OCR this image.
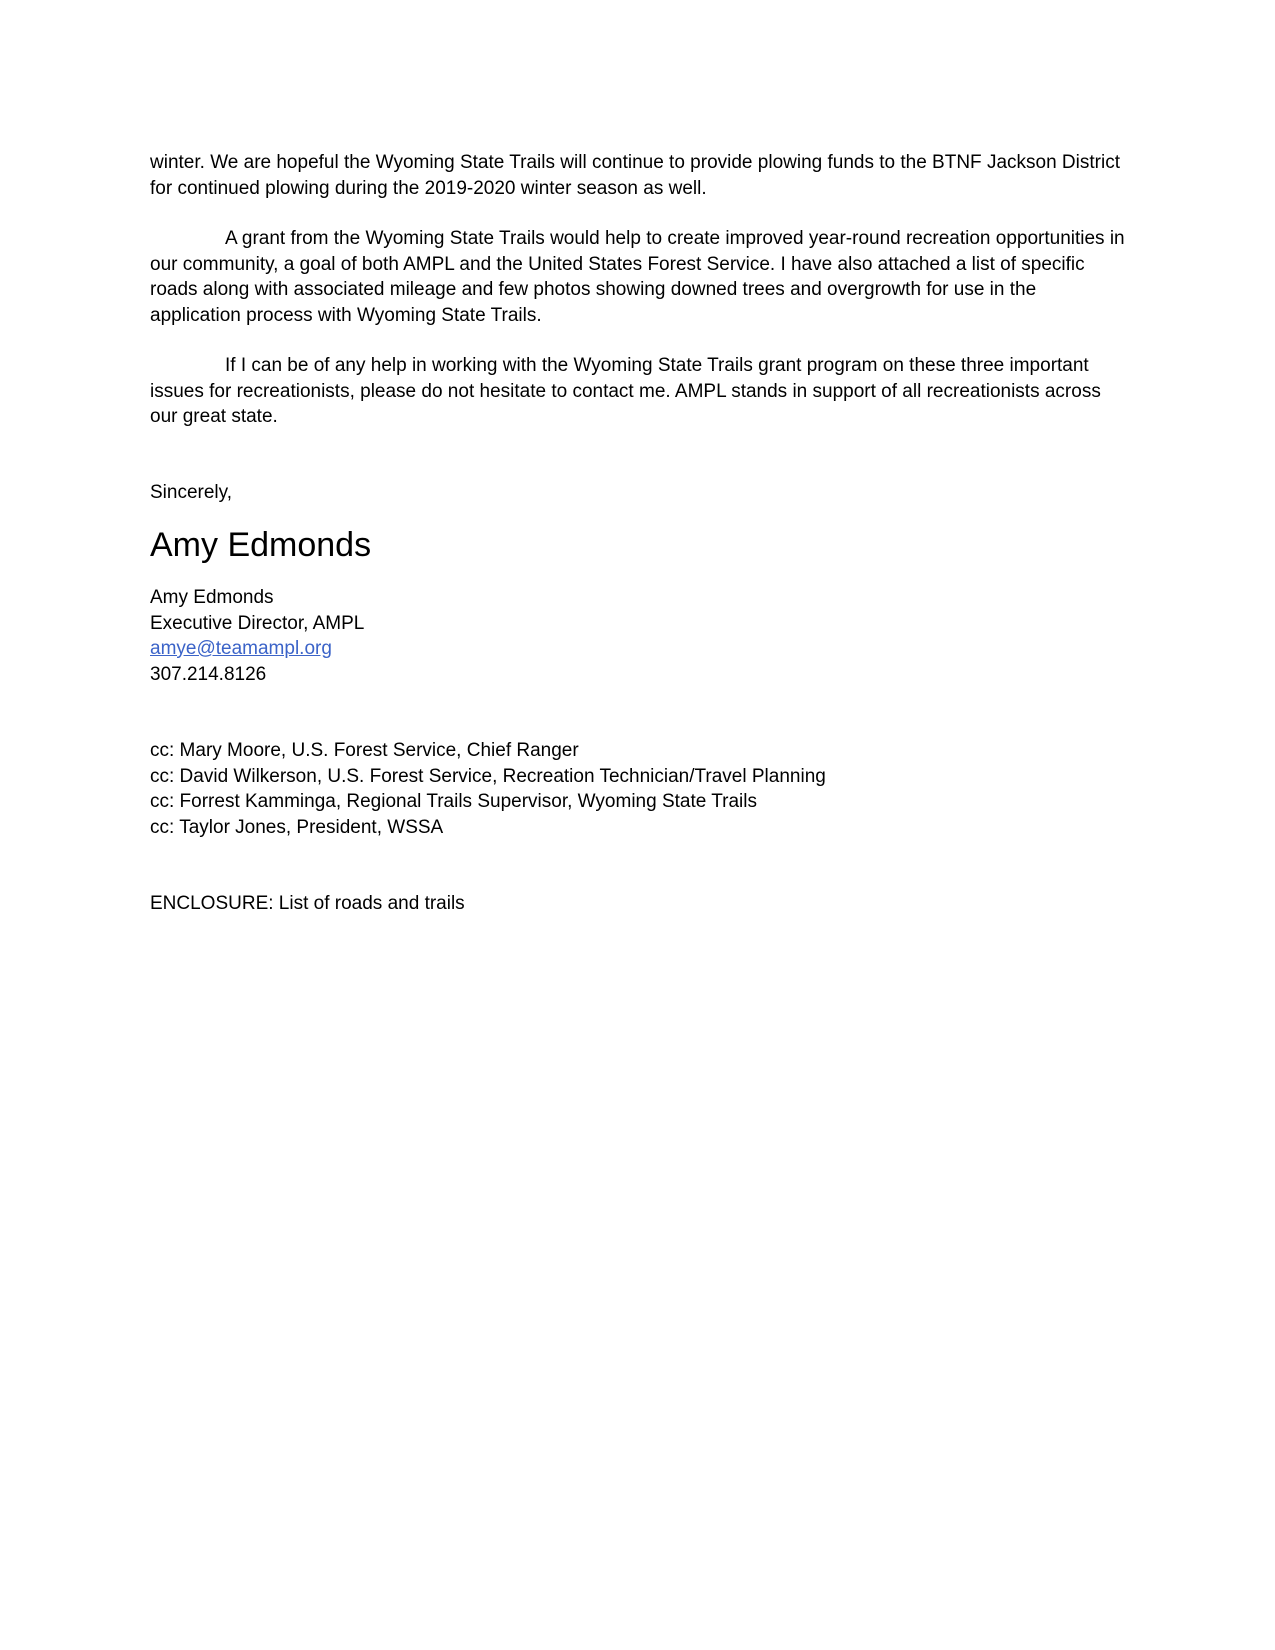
winter. We are hopeful the Wyoming State Trails will continue to provide plowing funds to the BTNF Jackson District for continued plowing during the 2019-2020 winter season as well.

A grant from the Wyoming State Trails would help to create improved year-round recreation opportunities in our community, a goal of both AMPL and the United States Forest Service. I have also attached a list of specific roads along with associated mileage and few photos showing downed trees and overgrowth for use in the application process with Wyoming State Trails.

If I can be of any help in working with the Wyoming State Trails grant program on these three important issues for recreationists, please do not hesitate to contact me. AMPL stands in support of all recreationists across our great state.

Sincerely,
Amy Edmonds
Amy Edmonds
Executive Director, AMPL
amye@teamampl.org
307.214.8126
cc: Mary Moore, U.S. Forest Service, Chief Ranger
cc: David Wilkerson, U.S. Forest Service, Recreation Technician/Travel Planning
cc: Forrest Kamminga, Regional Trails Supervisor, Wyoming State Trails
cc: Taylor Jones, President, WSSA
ENCLOSURE: List of roads and trails
